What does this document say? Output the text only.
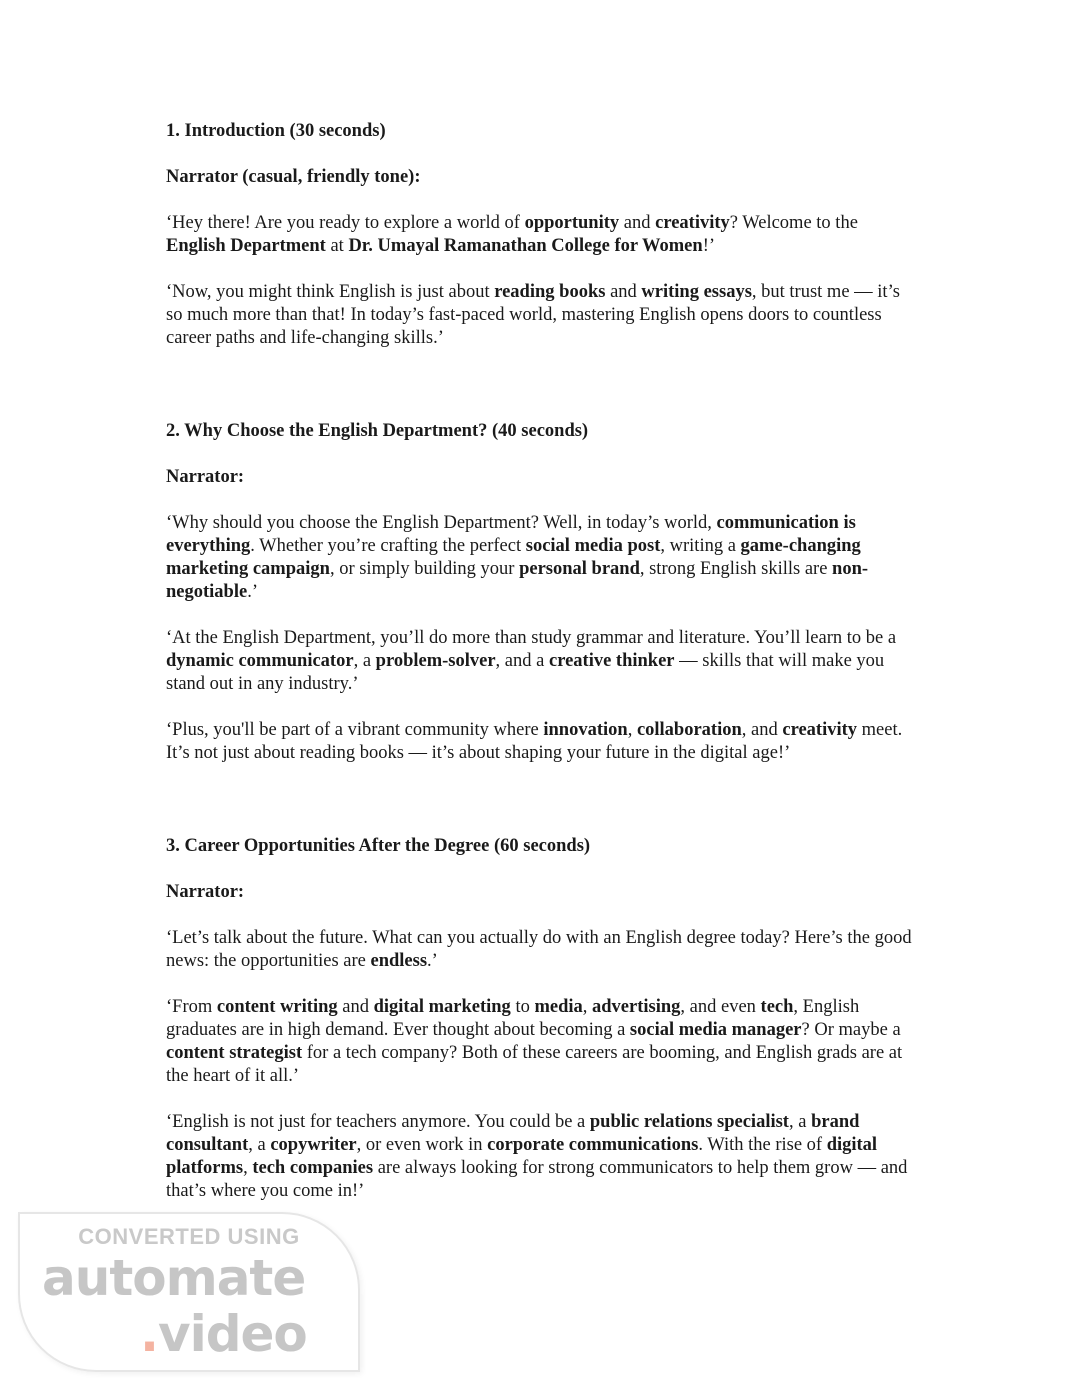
1. Introduction (30 seconds)

Narrator (casual, friendly tone):

‘Hey there! Are you ready to explore a world of opportunity and creativity? Welcome to the English Department at Dr. Umayal Ramanathan College for Women!’

‘Now, you might think English is just about reading books and writing essays, but trust me — it’s so much more than that! In today’s fast-paced world, mastering English opens doors to countless career paths and life-changing skills.’

2. Why Choose the English Department? (40 seconds)

Narrator:

‘Why should you choose the English Department? Well, in today’s world, communication is everything. Whether you’re crafting the perfect social media post, writing a game-changing marketing campaign, or simply building your personal brand, strong English skills are non-negotiable.’

‘At the English Department, you’ll do more than study grammar and literature. You’ll learn to be a dynamic communicator, a problem-solver, and a creative thinker — skills that will make you stand out in any industry.’

‘Plus, you'll be part of a vibrant community where innovation, collaboration, and creativity meet. It’s not just about reading books — it’s about shaping your future in the digital age!’

3. Career Opportunities After the Degree (60 seconds)

Narrator:

‘Let’s talk about the future. What can you actually do with an English degree today? Here’s the good news: the opportunities are endless.’

‘From content writing and digital marketing to media, advertising, and even tech, English graduates are in high demand. Ever thought about becoming a social media manager? Or maybe a content strategist for a tech company? Both of these careers are booming, and English grads are at the heart of it all.’

‘English is not just for teachers anymore. You could be a public relations specialist, a brand consultant, a copywriter, or even work in corporate communications. With the rise of digital platforms, tech companies are always looking for strong communicators to help them grow — and that’s where you come in!’

CONVERTED USING
automate
.video
